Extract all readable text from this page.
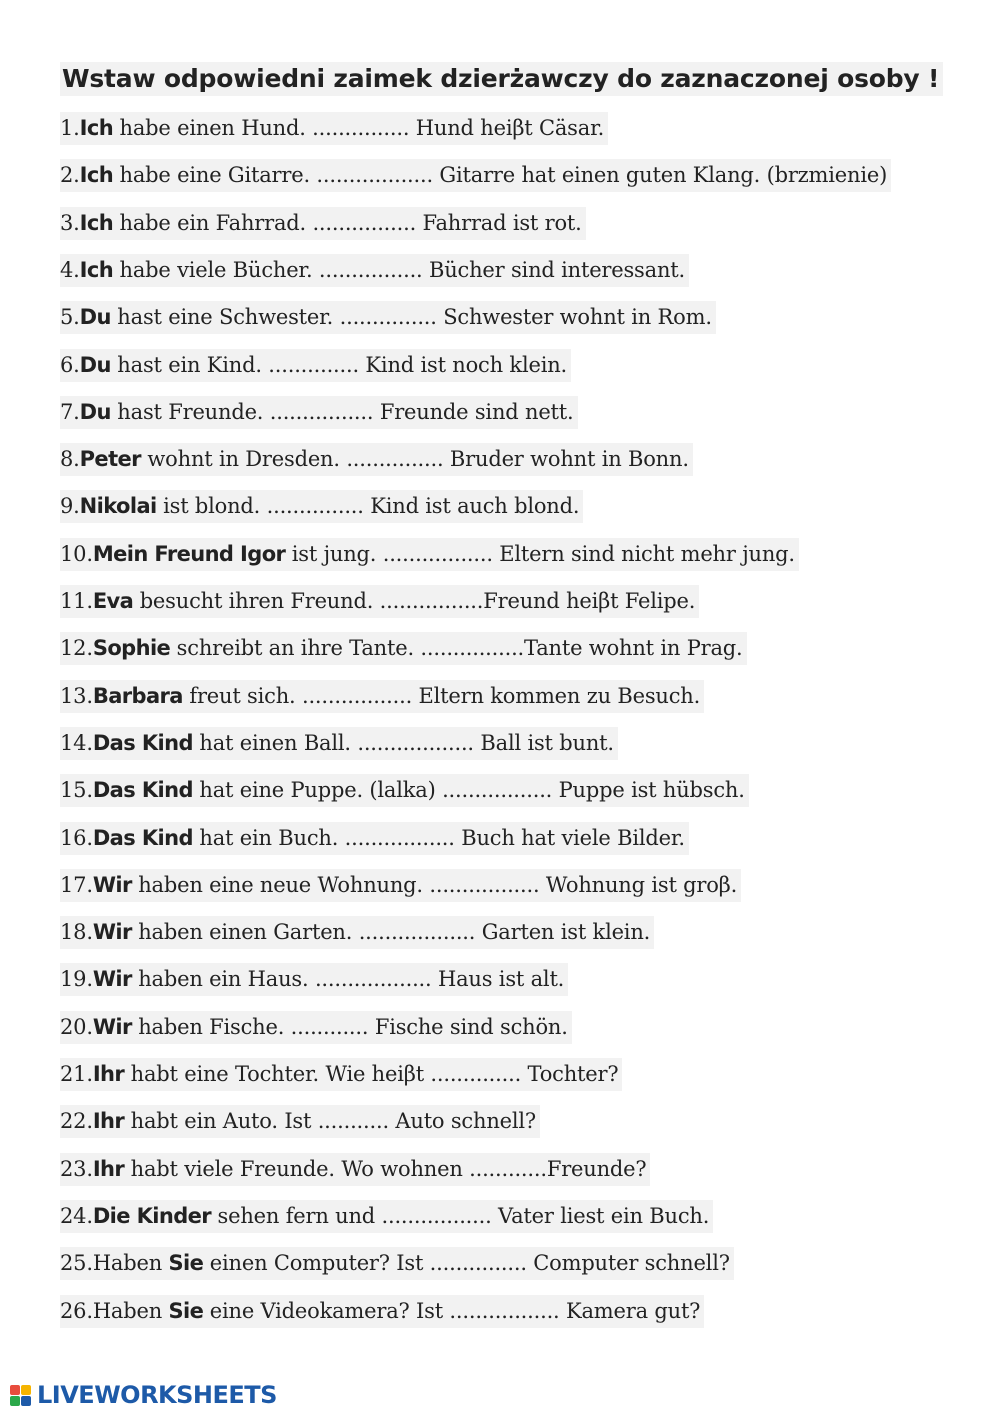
Wstaw odpowiedni zaimek dzierżawczy do zaznaczonej osoby !
1.Ich habe einen Hund. ............... Hund heiβt Cäsar.
2.Ich habe eine Gitarre. .................. Gitarre hat einen guten Klang. (brzmienie)
3.Ich habe ein Fahrrad. ................ Fahrrad ist rot.
4.Ich habe viele Bücher. ................ Bücher sind interessant.
5.Du hast eine Schwester. ............... Schwester wohnt in Rom.
6.Du hast ein Kind. .............. Kind ist noch klein.
7.Du hast Freunde. ................ Freunde sind nett.
8.Peter wohnt in Dresden. ............... Bruder wohnt in Bonn.
9.Nikolai ist blond. ............... Kind ist auch blond.
10.Mein Freund Igor ist jung. ................. Eltern sind nicht mehr jung.
11.Eva besucht ihren Freund. ................Freund heiβt Felipe.
12.Sophie schreibt an ihre Tante. ................Tante wohnt in Prag.
13.Barbara freut sich. ................. Eltern kommen zu Besuch.
14.Das Kind hat einen Ball. .................. Ball ist bunt.
15.Das Kind hat eine Puppe. (lalka) ................. Puppe ist hübsch.
16.Das Kind hat ein Buch. ................. Buch hat viele Bilder.
17.Wir haben eine neue Wohnung. ................. Wohnung ist groβ.
18.Wir haben einen Garten. .................. Garten ist klein.
19.Wir haben ein Haus. .................. Haus ist alt.
20.Wir haben Fische. ............ Fische sind schön.
21.Ihr habt eine Tochter. Wie heiβt .............. Tochter?
22.Ihr habt ein Auto. Ist ........... Auto schnell?
23.Ihr habt viele Freunde. Wo wohnen ............Freunde?
24.Die Kinder sehen fern und ................. Vater liest ein Buch.
25.Haben Sie einen Computer? Ist ............... Computer schnell?
26.Haben Sie eine Videokamera? Ist ................. Kamera gut?
LIVEWORKSHEETS
